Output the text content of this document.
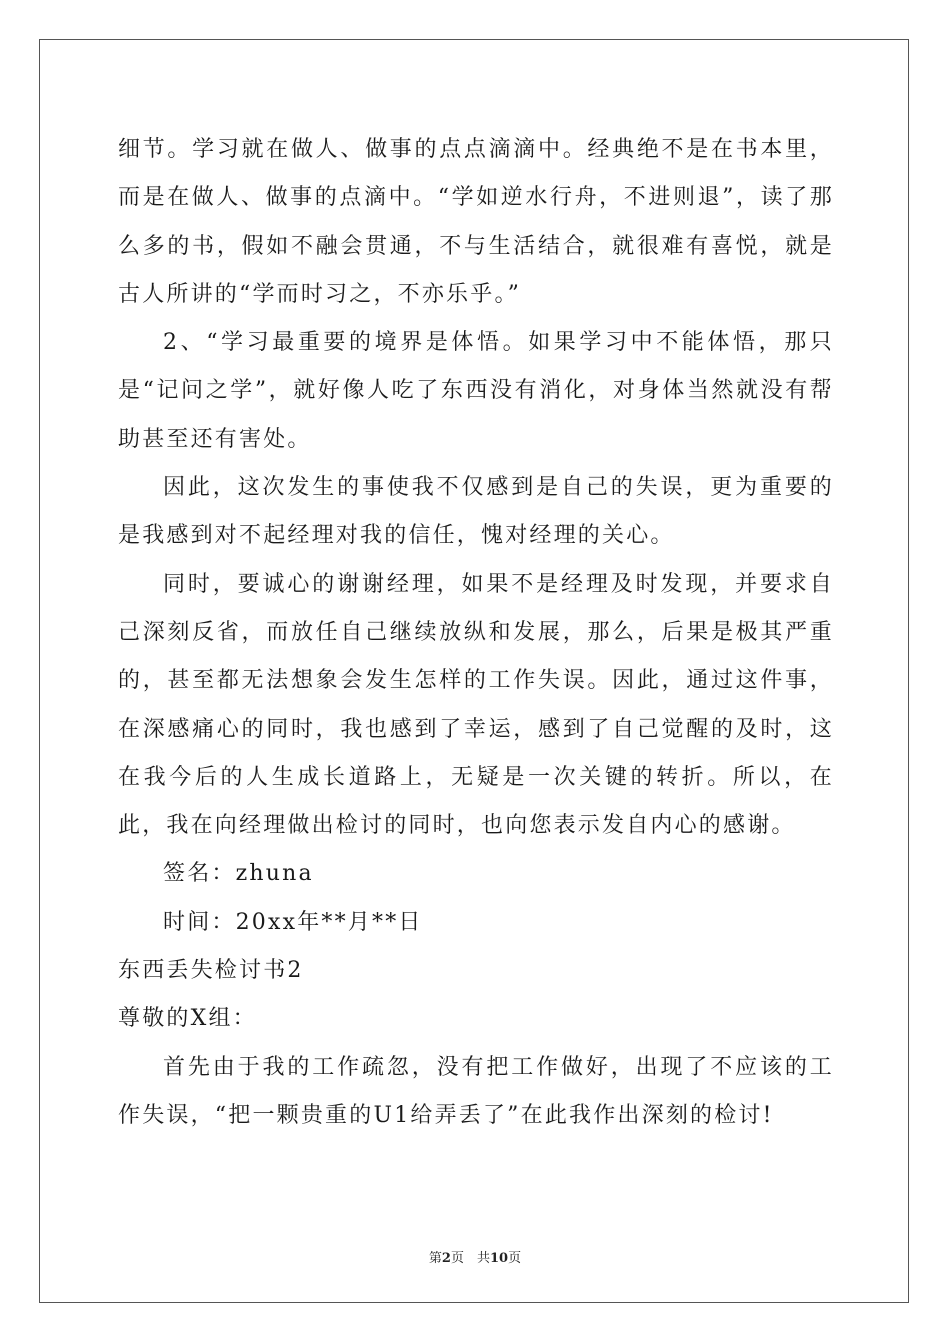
细节。学习就在做人、做事的点点滴滴中。经典绝不是在书本里，而是在做人、做事的点滴中。“学如逆水行舟，不进则退”，读了那么多的书，假如不融会贯通，不与生活结合，就很难有喜悦，就是古人所讲的“学而时习之，不亦乐乎。”

2、“学习最重要的境界是体悟。如果学习中不能体悟，那只是“记问之学”，就好像人吃了东西没有消化，对身体当然就没有帮助甚至还有害处。

因此，这次发生的事使我不仅感到是自己的失误，更为重要的是我感到对不起经理对我的信任，愧对经理的关心。

同时，要诚心的谢谢经理，如果不是经理及时发现，并要求自己深刻反省，而放任自己继续放纵和发展，那么，后果是极其严重的，甚至都无法想象会发生怎样的工作失误。因此，通过这件事，在深感痛心的同时，我也感到了幸运，感到了自己觉醒的及时，这在我今后的人生成长道路上，无疑是一次关键的转折。所以，在此，我在向经理做出检讨的同时，也向您表示发自内心的感谢。

签名：zhuna

时间：20xx年**月**日

东西丢失检讨书2

尊敬的X组：

首先由于我的工作疏忽，没有把工作做好，出现了不应该的工作失误，“把一颗贵重的U1给弄丢了”在此我作出深刻的检讨!

第2页　共10页
